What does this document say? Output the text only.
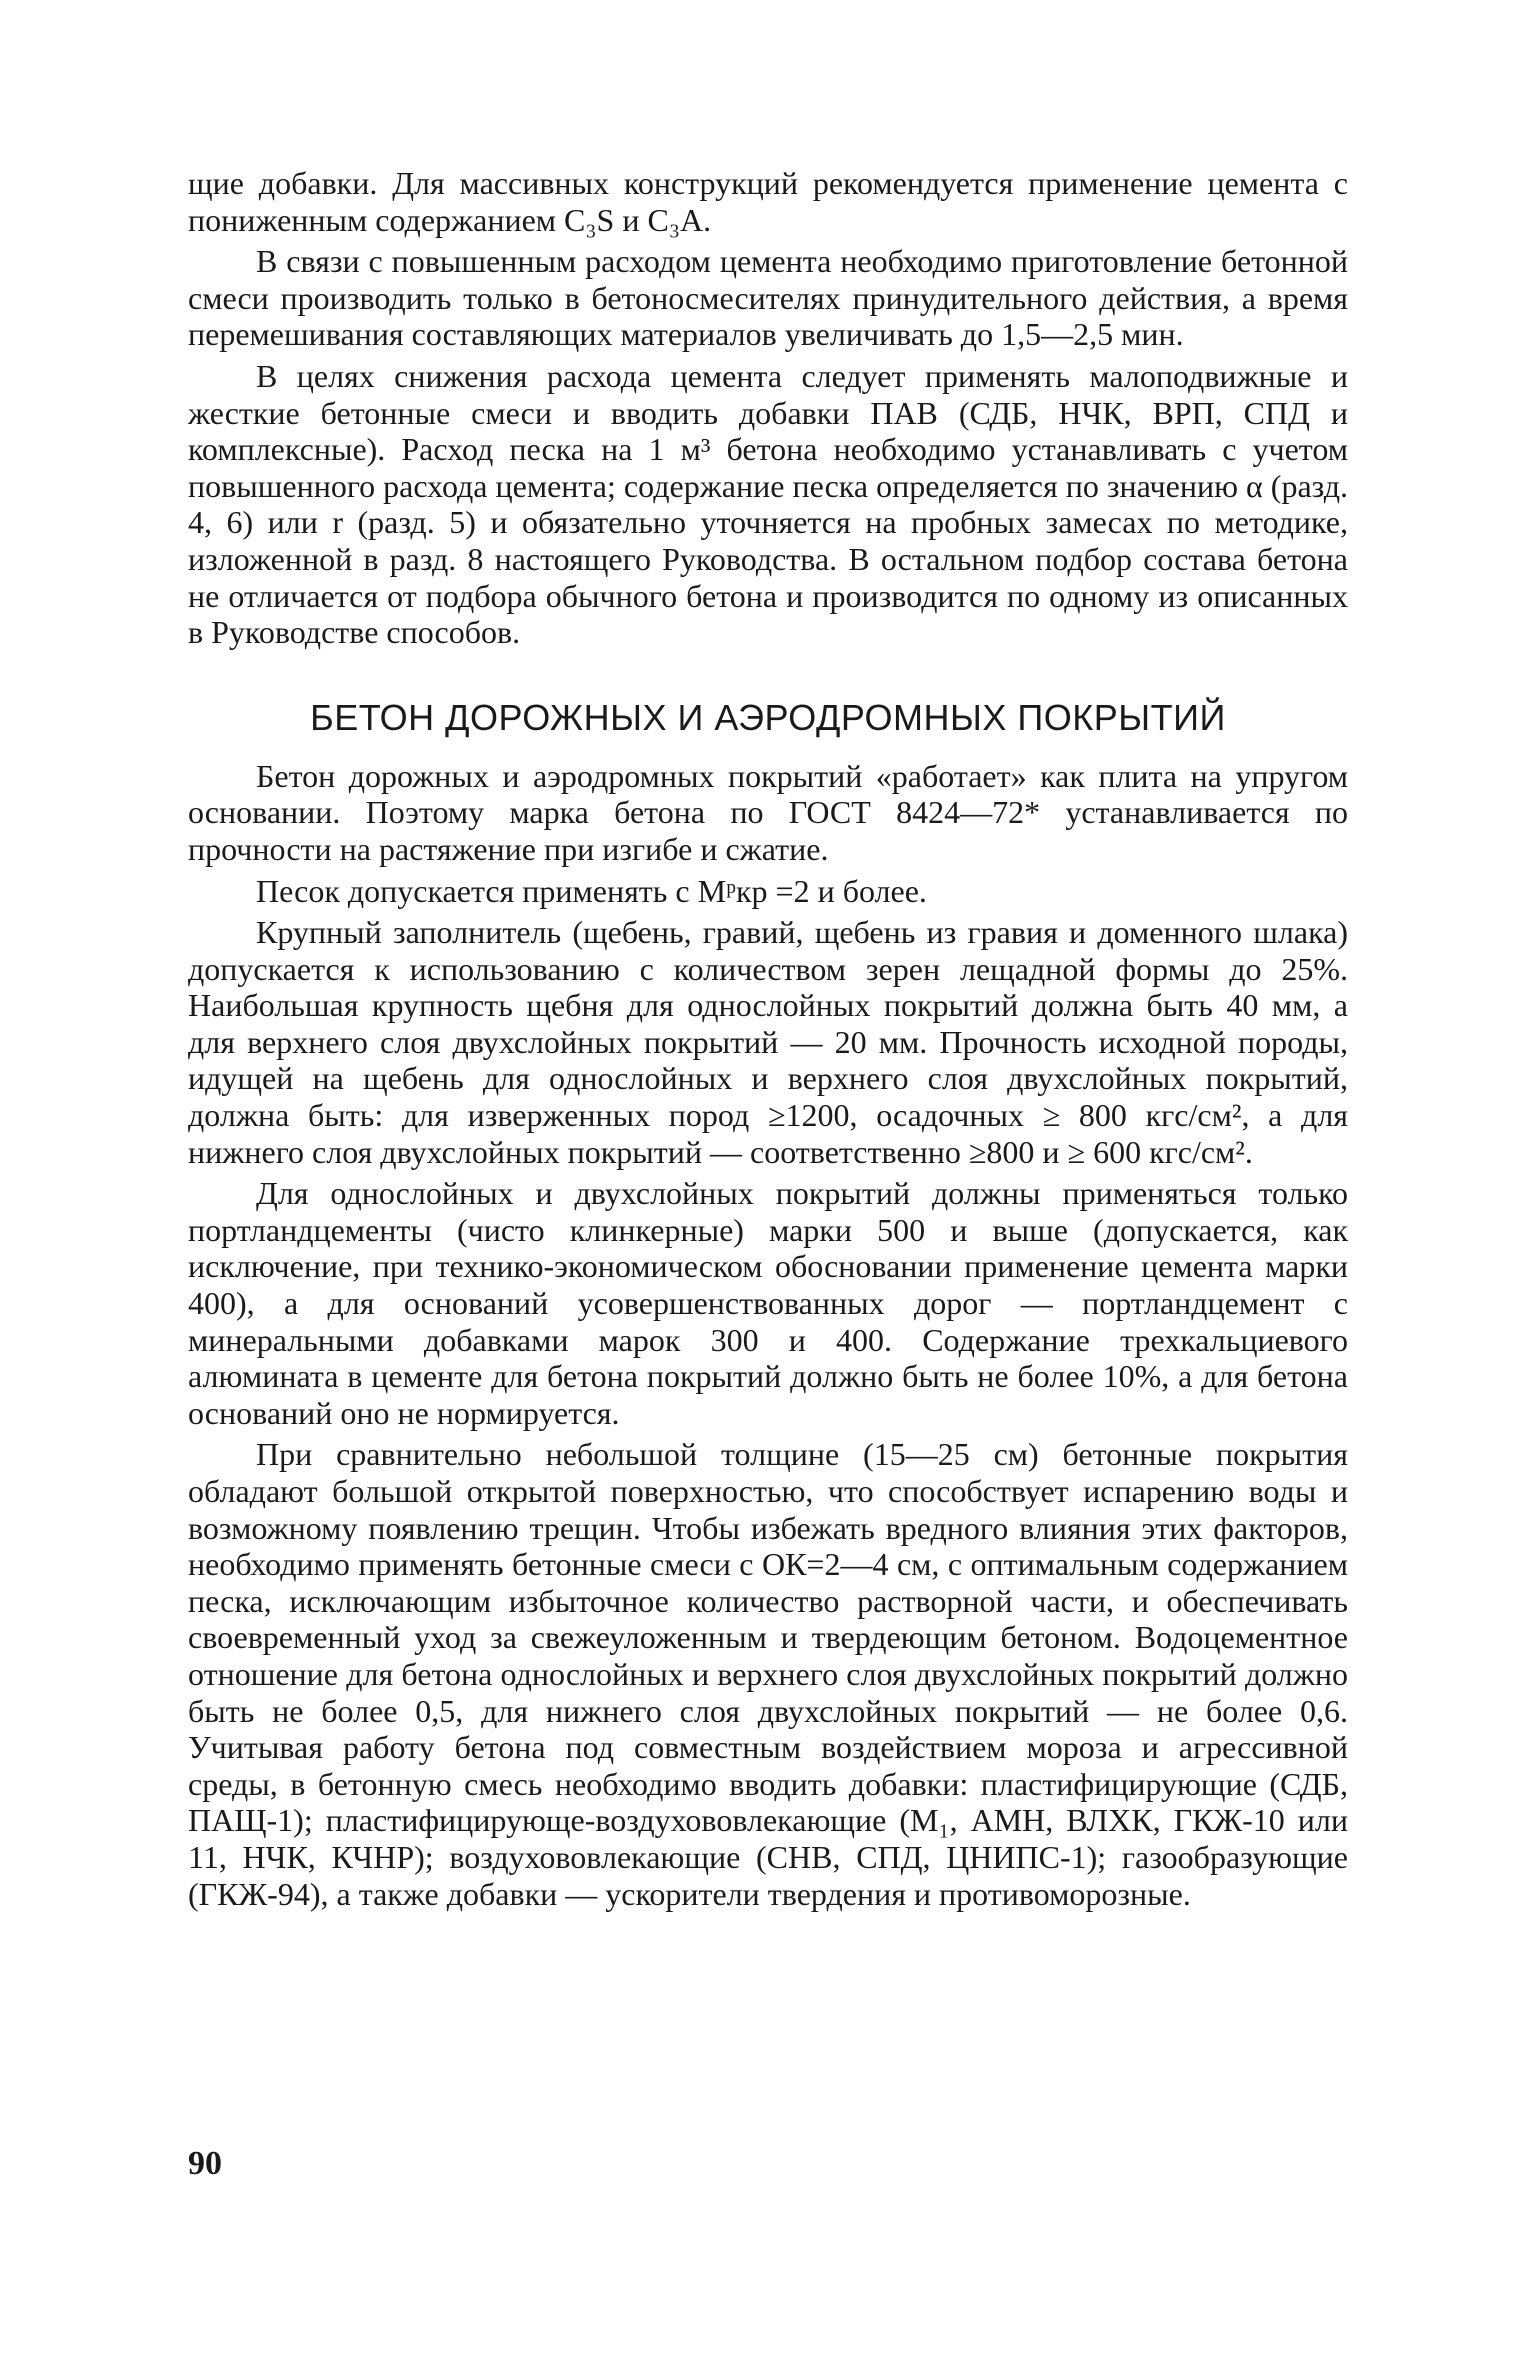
щие добавки. Для массивных конструкций рекомендуется применение цемента с пониженным содержанием C₃S и C₃A.

В связи с повышенным расходом цемента необходимо приготовление бетонной смеси производить только в бетоносмесителях принудительного действия, а время перемешивания составляющих материалов увеличивать до 1,5—2,5 мин.

В целях снижения расхода цемента следует применять малоподвижные и жесткие бетонные смеси и вводить добавки ПАВ (СДБ, НЧК, ВРП, СПД и комплексные). Расход песка на 1 м³ бетона необходимо устанавливать с учетом повышенного расхода цемента; содержание песка определяется по значению α (разд. 4, 6) или r (разд. 5) и обязательно уточняется на пробных замесах по методике, изложенной в разд. 8 настоящего Руководства. В остальном подбор состава бетона не отличается от подбора обычного бетона и производится по одному из описанных в Руководстве способов.

БЕТОН ДОРОЖНЫХ И АЭРОДРОМНЫХ ПОКРЫТИЙ

Бетон дорожных и аэродромных покрытий «работает» как плита на упругом основании. Поэтому марка бетона по ГОСТ 8424—72* устанавливается по прочности на растяжение при изгибе и сжатие.

Песок допускается применять с Мᵖкр =2 и более.

Крупный заполнитель (щебень, гравий, щебень из гравия и доменного шлака) допускается к использованию с количеством зерен лещадной формы до 25%. Наибольшая крупность щебня для однослойных покрытий должна быть 40 мм, а для верхнего слоя двухслойных покрытий — 20 мм. Прочность исходной породы, идущей на щебень для однослойных и верхнего слоя двухслойных покрытий, должна быть: для изверженных пород ≥1200, осадочных ≥ 800 кгс/см², а для нижнего слоя двухслойных покрытий — соответственно ≥800 и ≥ 600 кгс/см².

Для однослойных и двухслойных покрытий должны применяться только портландцементы (чисто клинкерные) марки 500 и выше (допускается, как исключение, при технико-экономическом обосновании применение цемента марки 400), а для оснований усовершенствованных дорог — портландцемент с минеральными добавками марок 300 и 400. Содержание трехкальциевого алюмината в цементе для бетона покрытий должно быть не более 10%, а для бетона оснований оно не нормируется.

При сравнительно небольшой толщине (15—25 см) бетонные покрытия обладают большой открытой поверхностью, что способствует испарению воды и возможному появлению трещин. Чтобы избежать вредного влияния этих факторов, необходимо применять бетонные смеси с ОК=2—4 см, с оптимальным содержанием песка, исключающим избыточное количество растворной части, и обеспечивать своевременный уход за свежеуложенным и твердеющим бетоном. Водоцементное отношение для бетона однослойных и верхнего слоя двухслойных покрытий должно быть не более 0,5, для нижнего слоя двухслойных покрытий — не более 0,6. Учитывая работу бетона под совместным воздействием мороза и агрессивной среды, в бетонную смесь необходимо вводить добавки: пластифицирующие (СДБ, ПАЩ-1); пластифицирующе-воздухововлекающие (М₁, АМН, ВЛХК, ГКЖ-10 или 11, НЧК, КЧНР); воздухововлекающие (СНВ, СПД, ЦНИПС-1); газообразующие (ГКЖ-94), а также добавки — ускорители твердения и противоморозные.

90
